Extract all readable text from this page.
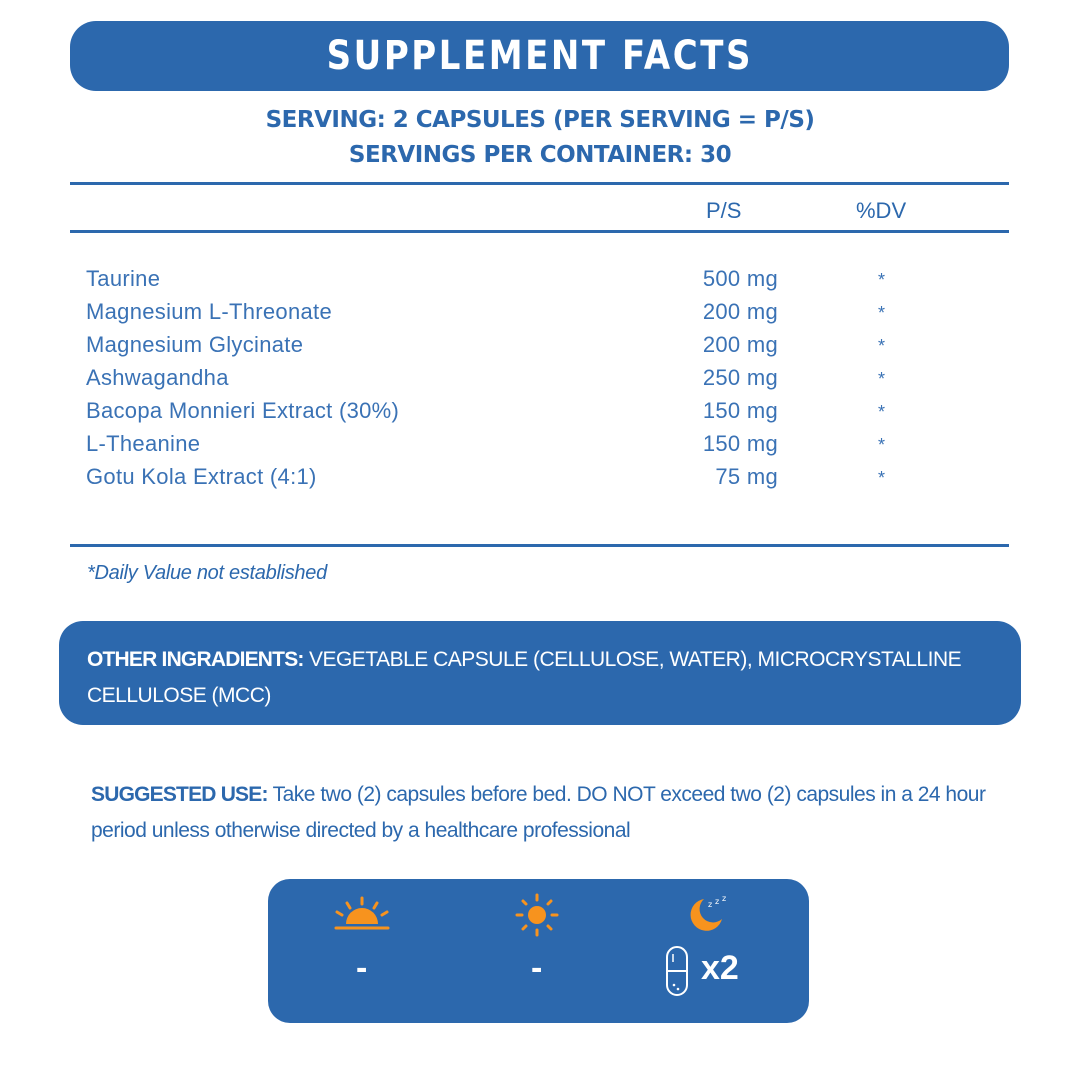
SUPPLEMENT FACTS
SERVING: 2 CAPSULES (PER SERVING = P/S)
SERVINGS PER CONTAINER: 30
P/S	%DV
Taurine	500 mg	*
Magnesium L-Threonate	200 mg	*
Magnesium Glycinate	200 mg	*
Ashwagandha	250 mg	*
Bacopa Monnieri Extract (30%)	150 mg	*
L-Theanine	150 mg	*
Gotu Kola Extract (4:1)	75 mg	*
*Daily Value not established
OTHER INGRADIENTS: VEGETABLE CAPSULE (CELLULOSE, WATER), MICROCRYSTALLINE CELLULOSE (MCC)
SUGGESTED USE: Take two (2) capsules before bed. DO NOT exceed two (2) capsules in a 24 hour period unless otherwise directed by a healthcare professional
z z z
-	-	x2
